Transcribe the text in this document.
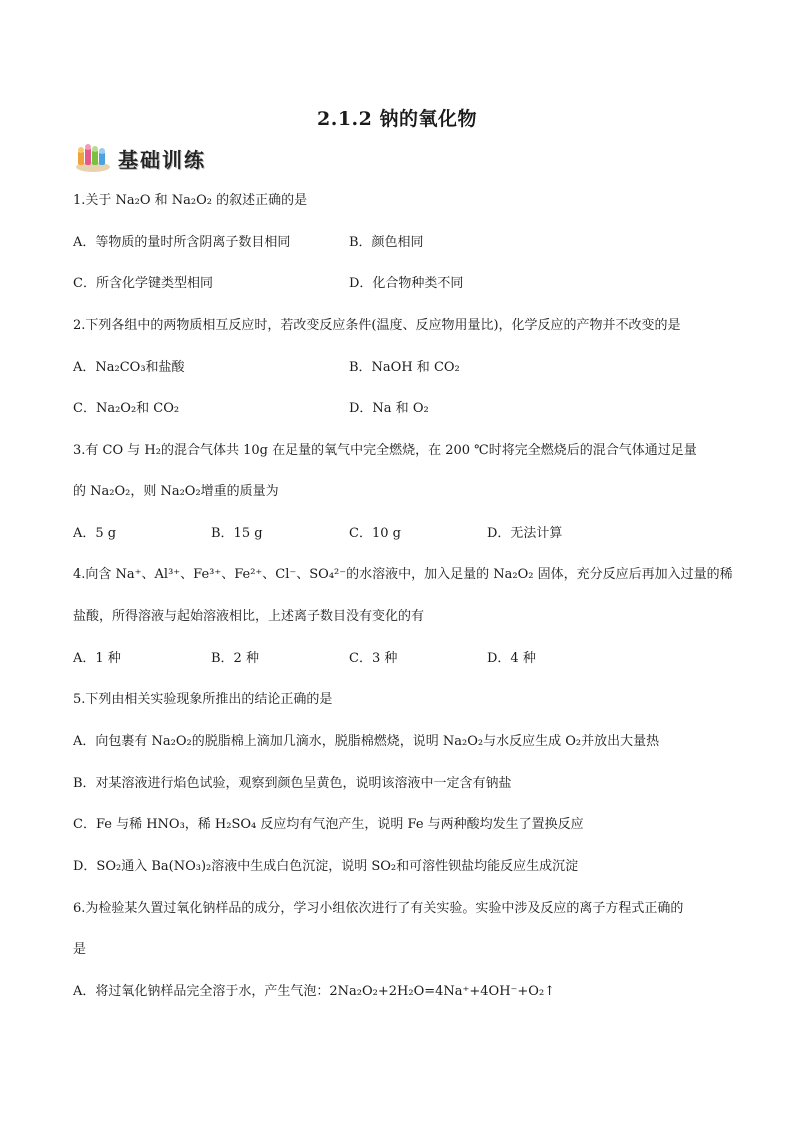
2.1.2 钠的氧化物
基础训练
1.关于 Na₂O 和 Na₂O₂ 的叙述正确的是
A．等物质的量时所含阴离子数目相同	B．颜色相同
C．所含化学键类型相同	D．化合物种类不同
2.下列各组中的两物质相互反应时，若改变反应条件(温度、反应物用量比)，化学反应的产物并不改变的是
A．Na₂CO₃和盐酸	B．NaOH 和 CO₂
C．Na₂O₂和 CO₂	D．Na 和 O₂
3.有 CO 与 H₂的混合气体共 10g 在足量的氧气中完全燃烧，在 200 ℃时将完全燃烧后的混合气体通过足量
的 Na₂O₂，则 Na₂O₂增重的质量为
A．5 g	B．15 g	C．10 g	D．无法计算
4.向含 Na⁺、Al³⁺、Fe³⁺、Fe²⁺、Cl⁻、SO₄²⁻的水溶液中，加入足量的 Na₂O₂ 固体，充分反应后再加入过量的稀
盐酸，所得溶液与起始溶液相比，上述离子数目没有变化的有
A．1 种	B．2 种	C．3 种	D．4 种
5.下列由相关实验现象所推出的结论正确的是
A．向包裹有 Na₂O₂的脱脂棉上滴加几滴水，脱脂棉燃烧，说明 Na₂O₂与水反应生成 O₂并放出大量热
B．对某溶液进行焰色试验，观察到颜色呈黄色，说明该溶液中一定含有钠盐
C．Fe 与稀 HNO₃，稀 H₂SO₄ 反应均有气泡产生，说明 Fe 与两种酸均发生了置换反应
D．SO₂通入 Ba(NO₃)₂溶液中生成白色沉淀，说明 SO₂和可溶性钡盐均能反应生成沉淀
6.为检验某久置过氧化钠样品的成分，学习小组依次进行了有关实验。实验中涉及反应的离子方程式正确的
是
A．将过氧化钠样品完全溶于水，产生气泡：2Na₂O₂+2H₂O=4Na⁺+4OH⁻+O₂↑
